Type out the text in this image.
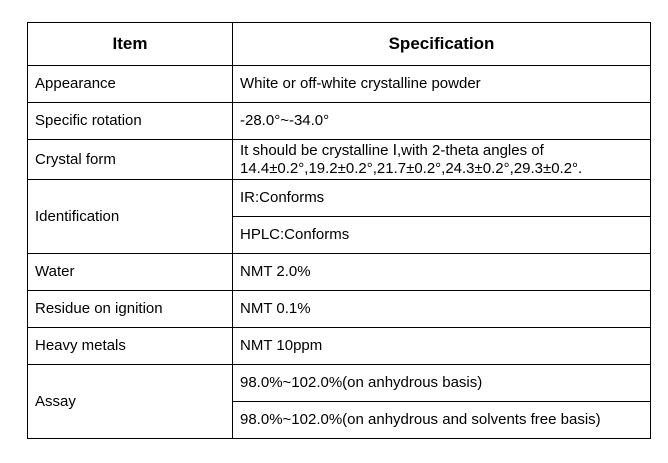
Item	Specification
Appearance	White or off-white crystalline powder
Specific rotation	-28.0°~-34.0°
Crystal form	It should be crystalline Ⅰ,with 2-theta angles of 14.4±0.2°,19.2±0.2°,21.7±0.2°,24.3±0.2°,29.3±0.2°.
Identification	IR:Conforms
	HPLC:Conforms
Water	NMT 2.0%
Residue on ignition	NMT 0.1%
Heavy metals	NMT 10ppm
Assay	98.0%~102.0%(on anhydrous basis)
	98.0%~102.0%(on anhydrous and solvents free basis)
